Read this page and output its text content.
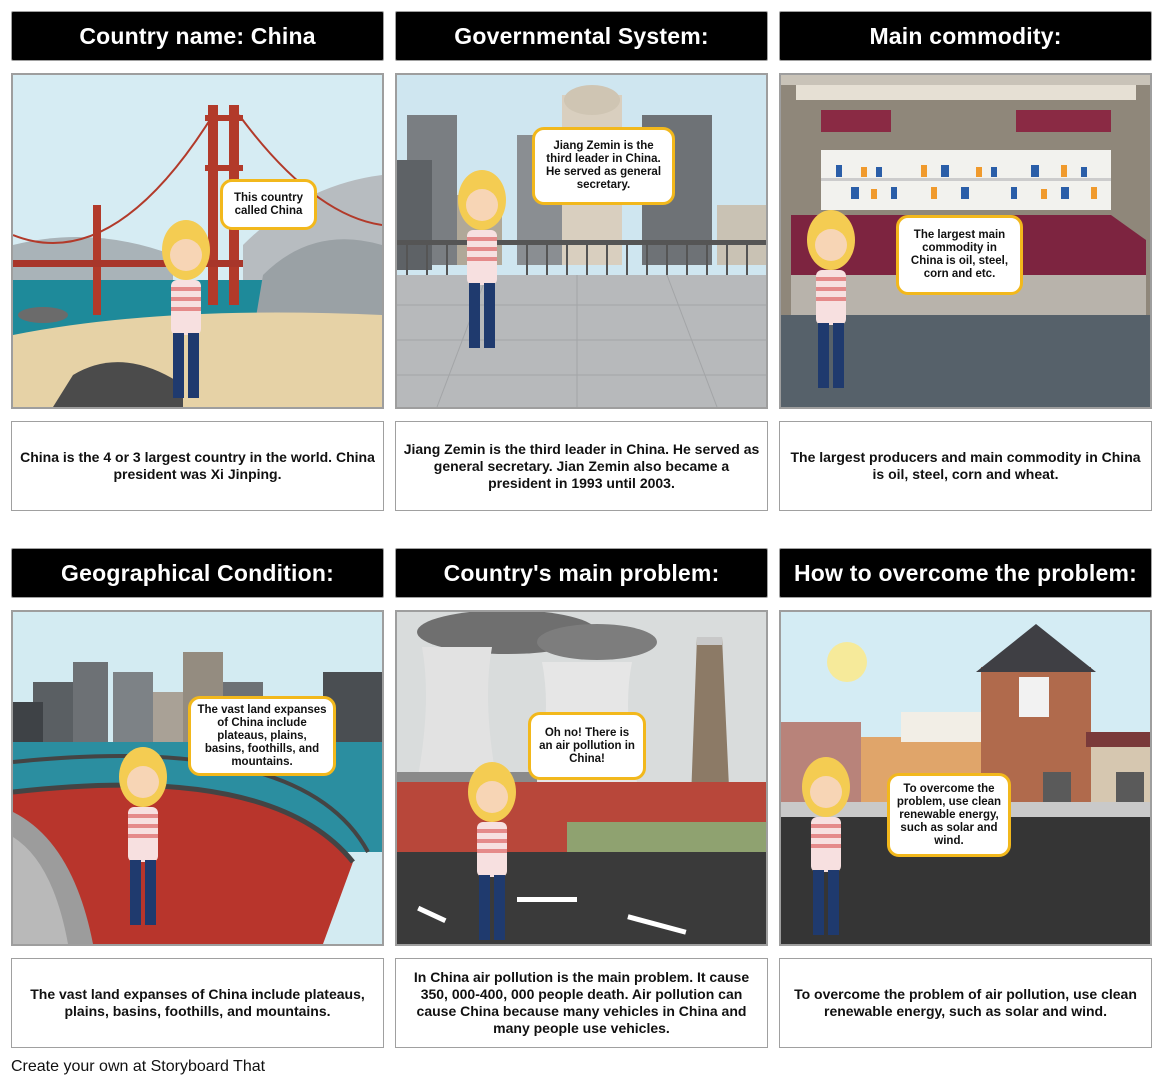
Country name: China
This country called China
China is the 4 or 3 largest country in the world. China president was Xi Jinping.
Governmental System:
Jiang Zemin is the third leader in China. He served as general secretary.
Jiang Zemin is the third leader in China. He served as general secretary. Jian Zemin also became a president in 1993 until 2003.
Main commodity:
The largest main commodity in China is oil, steel, corn and etc.
The largest producers and main commodity in China is oil, steel, corn and wheat.
Geographical Condition:
The vast land expanses of China include plateaus, plains, basins, foothills, and mountains.
The vast land expanses of China include plateaus, plains, basins, foothills, and mountains.
Country's main problem:
Oh no! There is an air pollution in China!
In China air pollution is the main problem. It cause 350, 000-400, 000 people death. Air pollution can cause China because many vehicles in China and many people use vehicles.
How to overcome the problem:
To overcome the problem, use clean renewable energy, such as solar and wind.
To overcome the problem of air pollution, use clean renewable energy, such as solar and wind.
Create your own at Storyboard That
